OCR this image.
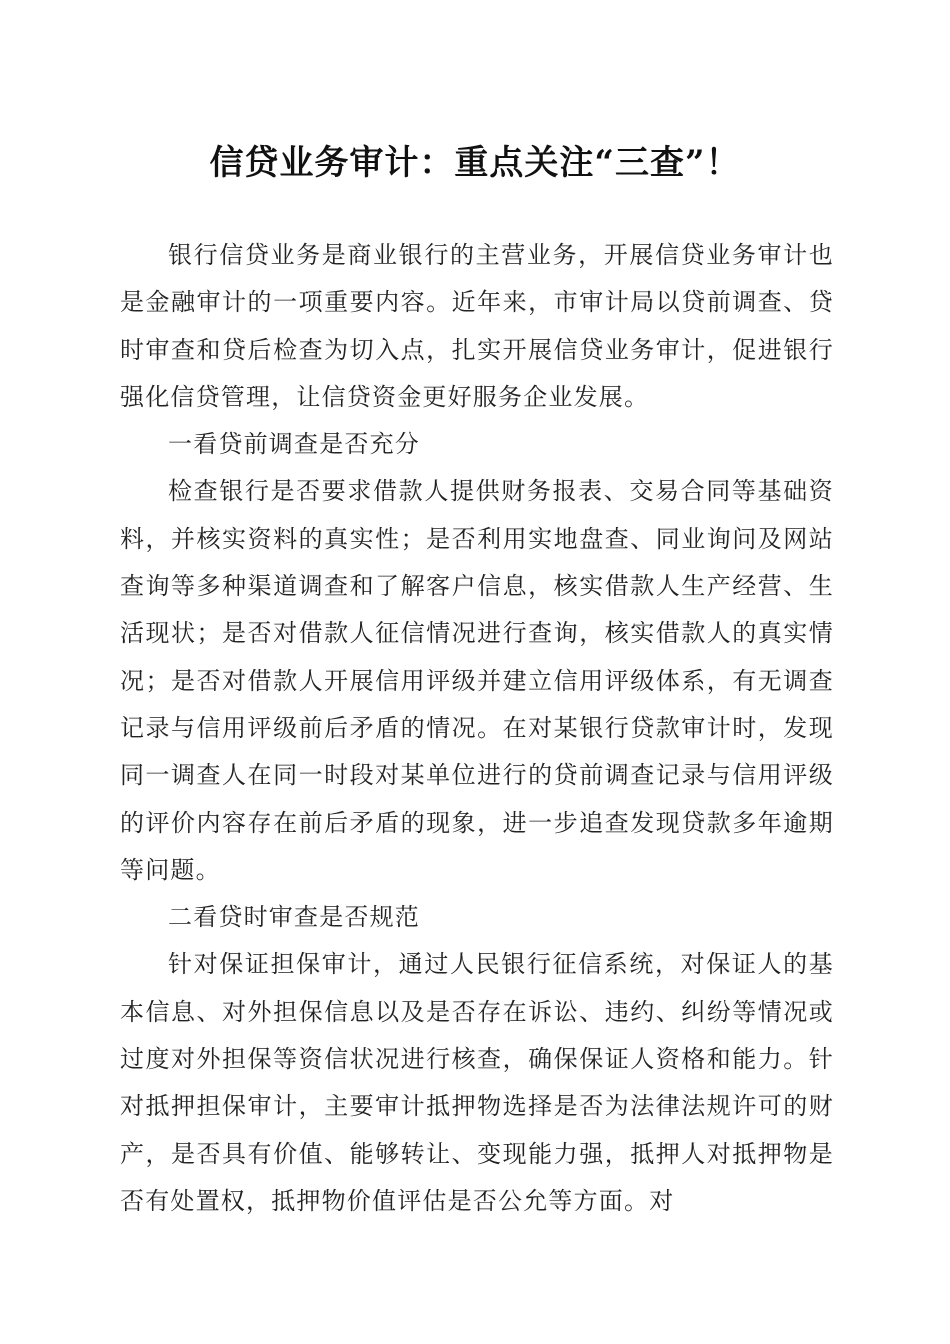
信贷业务审计：重点关注“三查”！

银行信贷业务是商业银行的主营业务，开展信贷业务审计也是金融审计的一项重要内容。近年来，市审计局以贷前调查、贷时审查和贷后检查为切入点，扎实开展信贷业务审计，促进银行强化信贷管理，让信贷资金更好服务企业发展。

一看贷前调查是否充分

检查银行是否要求借款人提供财务报表、交易合同等基础资料，并核实资料的真实性；是否利用实地盘查、同业询问及网站查询等多种渠道调查和了解客户信息，核实借款人生产经营、生活现状；是否对借款人征信情况进行查询，核实借款人的真实情况；是否对借款人开展信用评级并建立信用评级体系，有无调查记录与信用评级前后矛盾的情况。在对某银行贷款审计时，发现同一调查人在同一时段对某单位进行的贷前调查记录与信用评级的评价内容存在前后矛盾的现象，进一步追查发现贷款多年逾期等问题。

二看贷时审查是否规范

针对保证担保审计，通过人民银行征信系统，对保证人的基本信息、对外担保信息以及是否存在诉讼、违约、纠纷等情况或过度对外担保等资信状况进行核查，确保保证人资格和能力。针对抵押担保审计，主要审计抵押物选择是否为法律法规许可的财产，是否具有价值、能够转让、变现能力强，抵押人对抵押物是否有处置权，抵押物价值评估是否公允等方面。对
